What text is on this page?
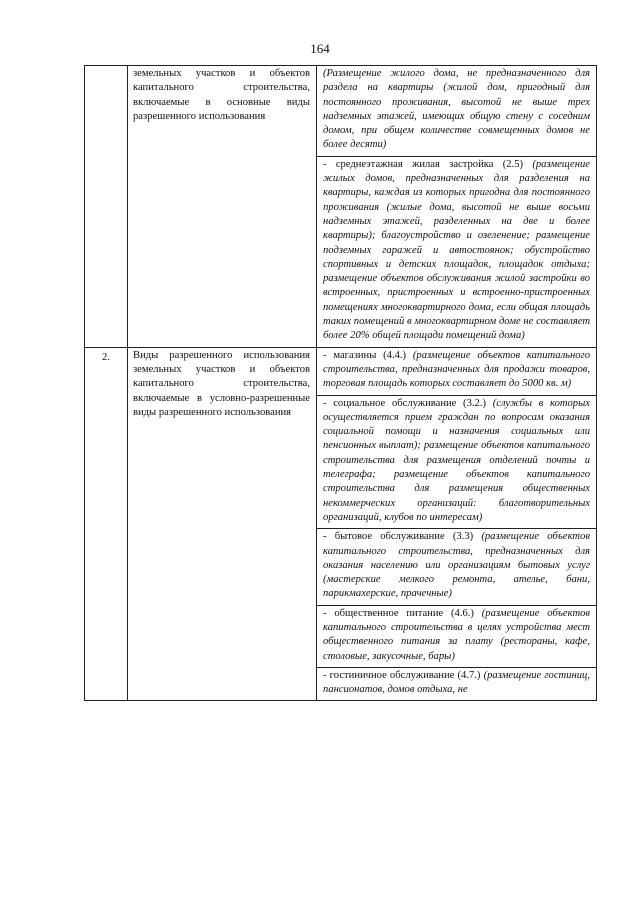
164
	земельных участков и объектов капитального строительства, включаемые в основные виды разрешенного использования	(Размещение жилого дома, не предназначенного для раздела на квартиры (жилой дом, пригодный для постоянного проживания, высотой не выше трех надземных этажей, имеющих общую стену с соседним домом, при общем количестве совмещенных домов не более десяти)
- среднеэтажная жилая застройка (2.5) (размещение жилых домов, предназначенных для разделения на квартиры, каждая из которых пригодна для постоянного проживания (жилые дома, высотой не выше восьми надземных этажей, разделенных на две и более квартиры); благоустройство и озеленение; размещение подземных гаражей и автостоянок; обустройство спортивных и детских площадок, площадок отдыха; размещение объектов обслуживания жилой застройки во встроенных, пристроенных и встроенно-пристроенных помещениях многоквартирного дома, если общая площадь таких помещений в многоквартирном доме не составляет более 20% общей площади помещений дома)

2.	Виды разрешенного использования земельных участков и объектов капитального строительства, включаемые в условно-разрешенные виды разрешенного использования	- магазины (4.4.) (размещение объектов капитального строительства, предназначенных для продажи товаров, торговая площадь которых составляет до 5000 кв. м)
- социальное обслуживание (3.2.) (службы в которых осуществляется прием граждан по вопросам оказания социальной помощи и назначения социальных или пенсионных выплат); размещение объектов капитального строительства для размещения отделений почты и телеграфа; размещение объектов капитального строительства для размещения общественных некоммерческих организаций: благотворительных организаций, клубов по интересам)
- бытовое обслуживание (3.3) (размещение объектов капитального строительства, предназначенных для оказания населению или организациям бытовых услуг (мастерские мелкого ремонта, ателье, бани, парикмахерские, прачечные)
- общественное питание (4.6.) (размещение объектов капитального строительства в целях устройства мест общественного питания за плату (рестораны, кафе, столовые, закусочные, бары)
- гостиничное обслуживание (4.7.) (размещение гостиниц, пансионатов, домов отдыха, не
